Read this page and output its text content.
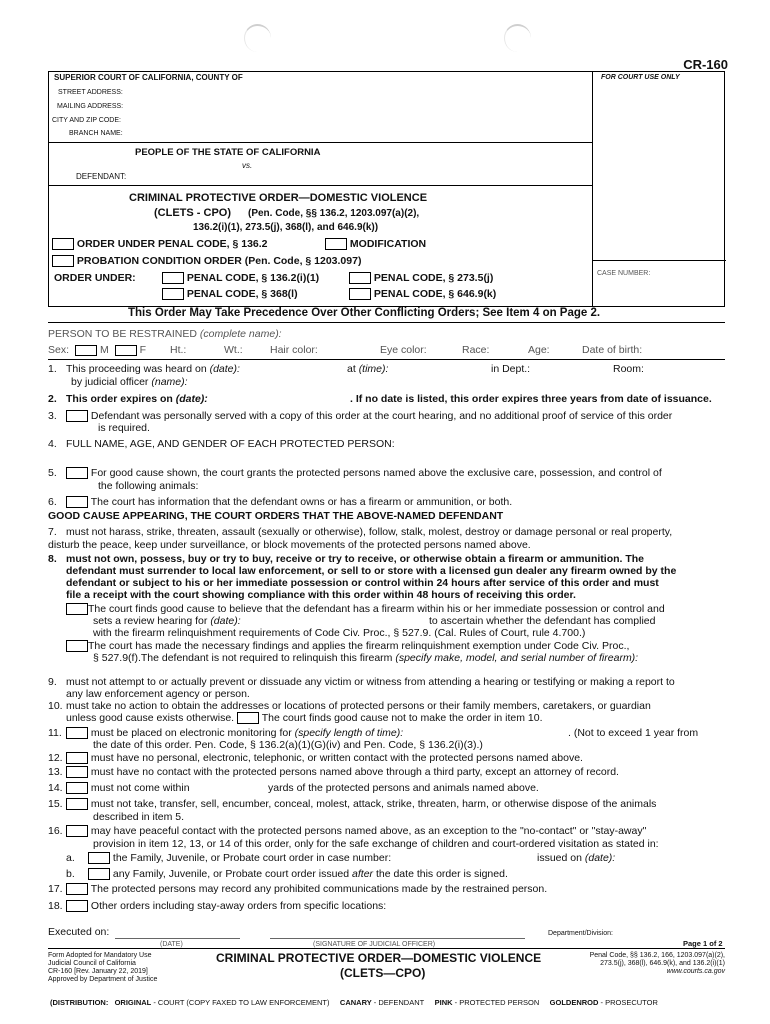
CR-160
SUPERIOR COURT OF CALIFORNIA, COUNTY OF	FOR COURT USE ONLY
STREET ADDRESS:
MAILING ADDRESS:
CITY AND ZIP CODE:
BRANCH NAME:
PEOPLE OF THE STATE OF CALIFORNIA
vs.
DEFENDANT:
CRIMINAL PROTECTIVE ORDER—DOMESTIC VIOLENCE
(CLETS - CPO) (Pen. Code, §§ 136.2, 1203.097(a)(2),
136.2(i)(1), 273.5(j), 368(l), and 646.9(k))
ORDER UNDER PENAL CODE, § 136.2	MODIFICATION
PROBATION CONDITION ORDER (Pen. Code, § 1203.097)
ORDER UNDER:	PENAL CODE, § 136.2(i)(1)	PENAL CODE, § 273.5(j)
PENAL CODE, § 368(l)	PENAL CODE, § 646.9(k)
CASE NUMBER:
This Order May Take Precedence Over Other Conflicting Orders; See Item 4 on Page 2.
PERSON TO BE RESTRAINED (complete name):
Sex:	M	F Ht.:	Wt.:	Hair color:	Eye color:	Race:	Age:	Date of birth:
1. This proceeding was heard on (date):	at (time):	in Dept.:	Room:
by judicial officer (name):
2. This order expires on (date):	. If no date is listed, this order expires three years from date of issuance.
3.	Defendant was personally served with a copy of this order at the court hearing, and no additional proof of service of this order
is required.
4. FULL NAME, AGE, AND GENDER OF EACH PROTECTED PERSON:
5.	For good cause shown, the court grants the protected persons named above the exclusive care, possession, and control of
the following animals:
6.	The court has information that the defendant owns or has a firearm or ammunition, or both.
GOOD CAUSE APPEARING, THE COURT ORDERS THAT THE ABOVE-NAMED DEFENDANT
7. must not harass, strike, threaten, assault (sexually or otherwise), follow, stalk, molest, destroy or damage personal or real property,
disturb the peace, keep under surveillance, or block movements of the protected persons named above.
8. must not own, possess, buy or try to buy, receive or try to receive, or otherwise obtain a firearm or ammunition. The
defendant must surrender to local law enforcement, or sell to or store with a licensed gun dealer any firearm owned by the
defendant or subject to his or her immediate possession or control within 24 hours after service of this order and must
file a receipt with the court showing compliance with this order within 48 hours of receiving this order.
The court finds good cause to believe that the defendant has a firearm within his or her immediate possession or control and
sets a review hearing for (date):	to ascertain whether the defendant has complied
with the firearm relinquishment requirements of Code Civ. Proc., § 527.9. (Cal. Rules of Court, rule 4.700.)
The court has made the necessary findings and applies the firearm relinquishment exemption under Code Civ. Proc.,
§ 527.9(f).The defendant is not required to relinquish this firearm (specify make, model, and serial number of firearm):
9. must not attempt to or actually prevent or dissuade any victim or witness from attending a hearing or testifying or making a report to
any law enforcement agency or person.
10. must take no action to obtain the addresses or locations of protected persons or their family members, caretakers, or guardian
unless good cause exists otherwise.	The court finds good cause not to make the order in item 10.
11.	must be placed on electronic monitoring for (specify length of time):	. (Not to exceed 1 year from
the date of this order. Pen. Code, § 136.2(a)(1)(G)(iv) and Pen. Code, § 136.2(i)(3).)
12.	must have no personal, electronic, telephonic, or written contact with the protected persons named above.
13.	must have no contact with the protected persons named above through a third party, except an attorney of record.
14.	must not come within	yards of the protected persons and animals named above.
15.	must not take, transfer, sell, encumber, conceal, molest, attack, strike, threaten, harm, or otherwise dispose of the animals
described in item 5.
16.	may have peaceful contact with the protected persons named above, as an exception to the "no-contact" or "stay-away"
provision in item 12, 13, or 14 of this order, only for the safe exchange of children and court-ordered visitation as stated in:
a.	the Family, Juvenile, or Probate court order in case number:	issued on (date):
b.	any Family, Juvenile, or Probate court order issued after the date this order is signed.
17.	The protected persons may record any prohibited communications made by the restrained person.
18.	Other orders including stay-away orders from specific locations:
Executed on:	Department/Division:
(DATE)	(SIGNATURE OF JUDICIAL OFFICER)	Page 1 of 2
Form Adopted for Mandatory Use
Judicial Council of California
CR-160 [Rev. January 22, 2019]
Approved by Department of Justice
CRIMINAL PROTECTIVE ORDER—DOMESTIC VIOLENCE
(CLETS—CPO)
Penal Code, §§ 136.2, 166, 1203.097(a)(2),
273.5(j), 368(l), 646.9(k), and 136.2(i)(1)
www.courts.ca.gov
(DISTRIBUTION: ORIGINAL - COURT (COPY FAXED TO LAW ENFORCEMENT) CANARY - DEFENDANT PINK - PROTECTED PERSON GOLDENROD - PROSECUTOR
